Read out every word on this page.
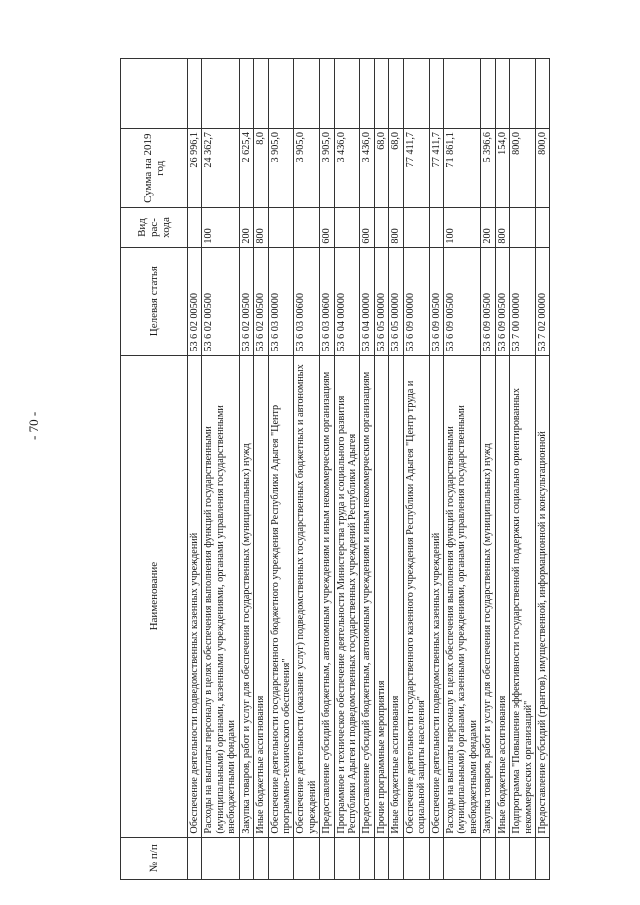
- 70 -
№ п/п	Наименование	Целевая статья	Вид рас-хода	Сумма на 2019 год	
	Обеспечение деятельности подведомственных казенных учреждений	53 6 02 00500		26 996,1	
	Расходы на выплаты персоналу в целях обеспечения выполнения функций государственными (муниципальными) органами, казенными учреждениями, органами управления государственными внебюджетными фондами	53 6 02 00500	100	24 362,7	
	Закупка товаров, работ и услуг для обеспечения государственных (муниципальных) нужд	53 6 02 00500	200	2 625,4	
	Иные бюджетные ассигнования	53 6 02 00500	800	8,0	
	Обеспечение деятельности государственного бюджетного учреждения Республики Адыгея "Центр программно-технического обеспечения"	53 6 03 00000		3 905,0	
	Обеспечение деятельности (оказание услуг) подведомственных государственных бюджетных и автономных учреждений	53 6 03 00600		3 905,0	
	Предоставление субсидий бюджетным, автономным учреждениям и иным некоммерческим организациям	53 6 03 00600	600	3 905,0	
	Программное и техническое обеспечение деятельности Министерства труда и социального развития Республики Адыгея и подведомственных государственных учреждений Республики Адыгея	53 6 04 00000		3 436,0	
	Предоставление субсидий бюджетным, автономным учреждениям и иным некоммерческим организациям	53 6 04 00000	600	3 436,0	
	Прочие программные мероприятия	53 6 05 00000		68,0	
	Иные бюджетные ассигнования	53 6 05 00000	800	68,0	
	Обеспечение деятельности государственного казенного учреждения Республики Адыгея "Центр труда и социальной защиты населения"	53 6 09 00000		77 411,7	
	Обеспечение деятельности подведомственных казенных учреждений	53 6 09 00500		77 411,7	
	Расходы на выплаты персоналу в целях обеспечения выполнения функций государственными (муниципальными) органами, казенными учреждениями, органами управления государственными внебюджетными фондами	53 6 09 00500	100	71 861,1	
	Закупка товаров, работ и услуг для обеспечения государственных (муниципальных) нужд	53 6 09 00500	200	5 396,6	
	Иные бюджетные ассигнования	53 6 09 00500	800	154,0	
	Подпрограмма "Повышение эффективности государственной поддержки социально ориентированных некоммерческих организаций"	53 7 00 00000		800,0	
	Предоставление субсидий (грантов), имущественной, информационной и консультационной	53 7 02 00000		800,0	
